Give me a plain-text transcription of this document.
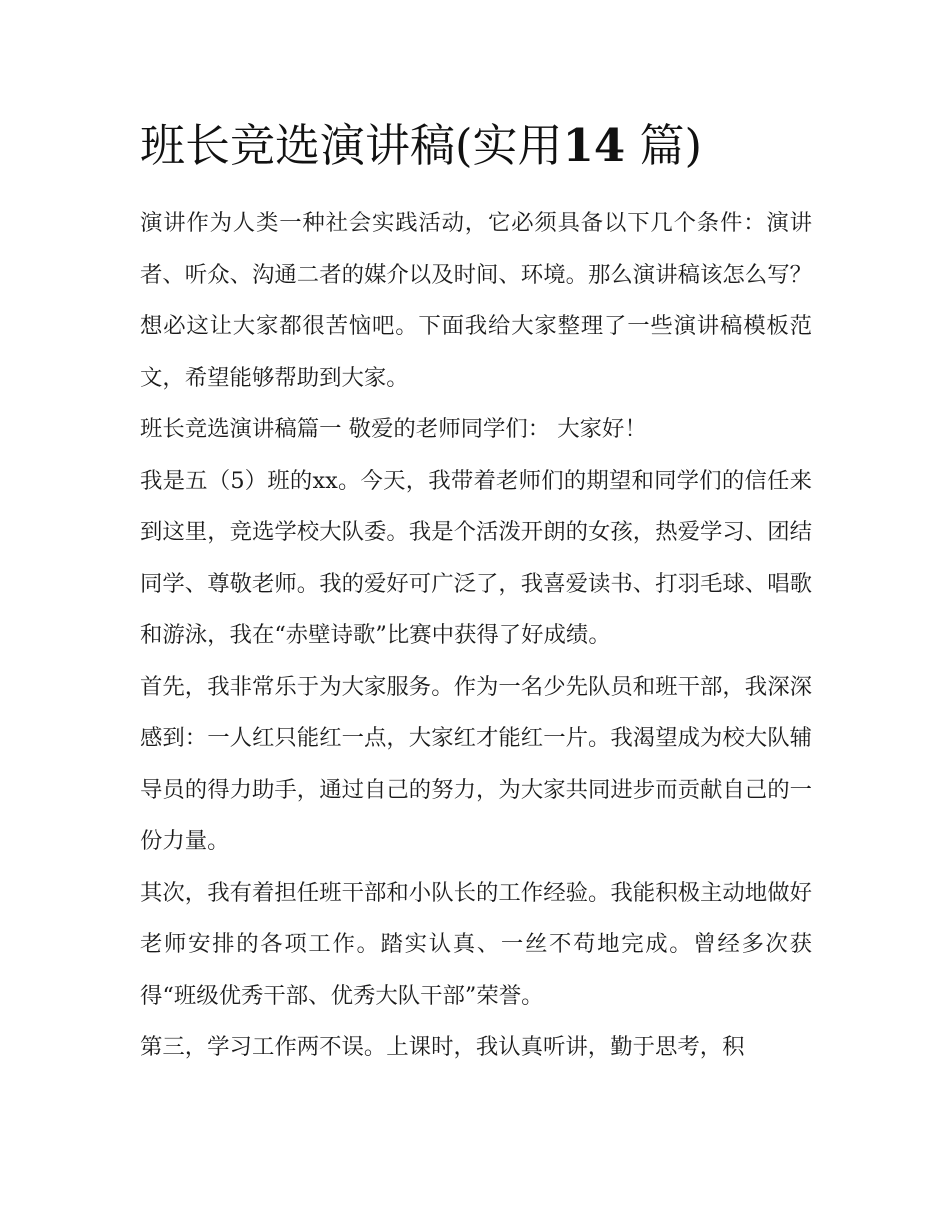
班长竞选演讲稿(实用14 篇)

演讲作为人类一种社会实践活动，它必须具备以下几个条件：演讲者、听众、沟通二者的媒介以及时间、环境。那么演讲稿该怎么写？想必这让大家都很苦恼吧。下面我给大家整理了一些演讲稿模板范文，希望能够帮助到大家。

班长竞选演讲稿篇一 敬爱的老师同学们： 大家好！

我是五（5）班的xx。今天，我带着老师们的期望和同学们的信任来到这里，竞选学校大队委。我是个活泼开朗的女孩，热爱学习、团结同学、尊敬老师。我的爱好可广泛了，我喜爱读书、打羽毛球、唱歌和游泳，我在“赤壁诗歌”比赛中获得了好成绩。

首先，我非常乐于为大家服务。作为一名少先队员和班干部，我深深感到：一人红只能红一点，大家红才能红一片。我渴望成为校大队辅导员的得力助手，通过自己的努力，为大家共同进步而贡献自己的一份力量。

其次，我有着担任班干部和小队长的工作经验。我能积极主动地做好老师安排的各项工作。踏实认真、一丝不苟地完成。曾经多次获得“班级优秀干部、优秀大队干部”荣誉。

第三，学习工作两不误。上课时，我认真听讲，勤于思考，积
